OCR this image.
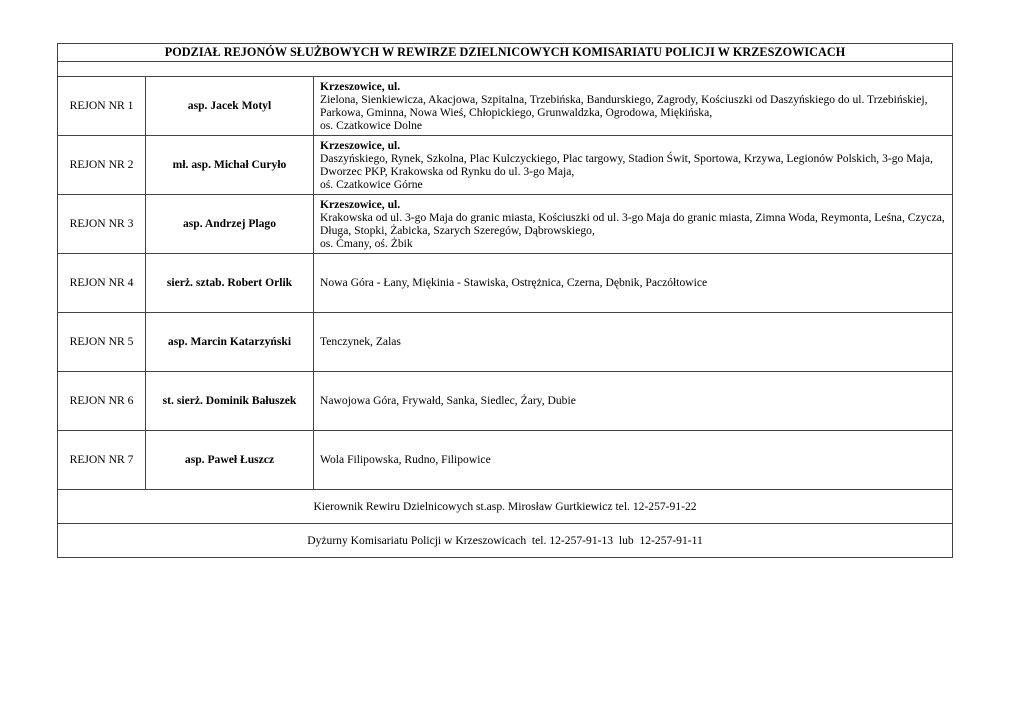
PODZIAŁ REJONÓW SŁUŻBOWYCH W REWIRZE DZIELNICOWYCH KOMISARIATU POLICJI W KRZESZOWICACH		

REJON NR 1	asp. Jacek Motyl	Krzeszowice, ul.
Zielona, Sienkiewicza, Akacjowa, Szpitalna, Trzebińska, Bandurskiego, Zagrody, Kościuszki od Daszyńskiego do ul. Trzebińskiej, Parkowa, Gminna, Nowa Wieś, Chłopickiego, Grunwaldzka, Ogrodowa, Miękińska,
os. Czatkowice Dolne

REJON NR 2	mł. asp. Michał Curyło	Krzeszowice, ul.
Daszyńskiego, Rynek, Szkolna, Plac Kulczyckiego, Plac targowy, Stadion Świt, Sportowa, Krzywa, Legionów Polskich, 3-go Maja, Dworzec PKP, Krakowska od Rynku do ul. 3-go Maja,
oś. Czatkowice Górne

REJON NR 3	asp. Andrzej Plago	Krzeszowice, ul.
Krakowska od ul. 3-go Maja do granic miasta, Kościuszki od ul. 3-go Maja do granic miasta, Zimna Woda, Reymonta, Leśna, Czycza, Długa, Stopki, Żabicka, Szarych Szeregów, Dąbrowskiego,
os. Ćmany, oś. Żbik

REJON NR 4	sierż. sztab. Robert Orlik	Nowa Góra - Łany, Miękinia - Stawiska, Ostrężnica, Czerna, Dębnik, Paczółtowice
REJON NR 5	asp. Marcin Katarzyński	Tenczynek, Zalas
REJON NR 6	st. sierż. Dominik Bałuszek	Nawojowa Góra, Frywałd, Sanka, Siedlec, Żary, Dubie
REJON NR 7	asp. Paweł Łuszcz	Wola Filipowska, Rudno, Filipowice
Kierownik Rewiru Dzielnicowych st.asp. Mirosław Gurtkiewicz tel. 12-257-91-22		
Dyżurny Komisariatu Policji w Krzeszowicach  tel. 12-257-91-13  lub  12-257-91-11		
